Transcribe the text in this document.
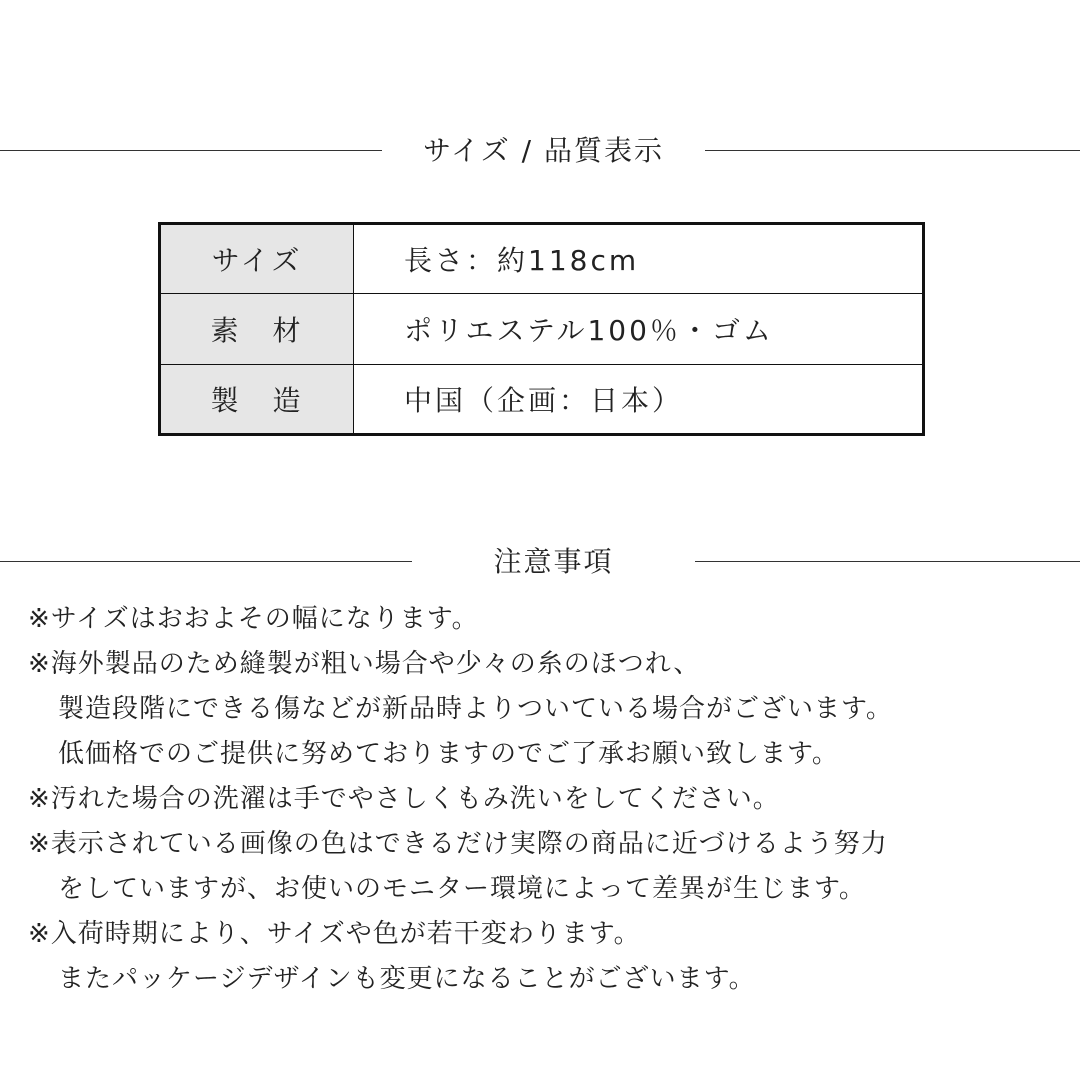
サイズ / 品質表示
サイズ	長さ：約118cm
素　材	ポリエステル100％・ゴム
製　造	中国（企画：日本）
注意事項
※サイズはおおよその幅になります。
※海外製品のため縫製が粗い場合や少々の糸のほつれ、
製造段階にできる傷などが新品時よりついている場合がございます。
低価格でのご提供に努めておりますのでご了承お願い致します。
※汚れた場合の洗濯は手でやさしくもみ洗いをしてください。
※表示されている画像の色はできるだけ実際の商品に近づけるよう努力
をしていますが、お使いのモニター環境によって差異が生じます。
※入荷時期により、サイズや色が若干変わります。
またパッケージデザインも変更になることがございます。
